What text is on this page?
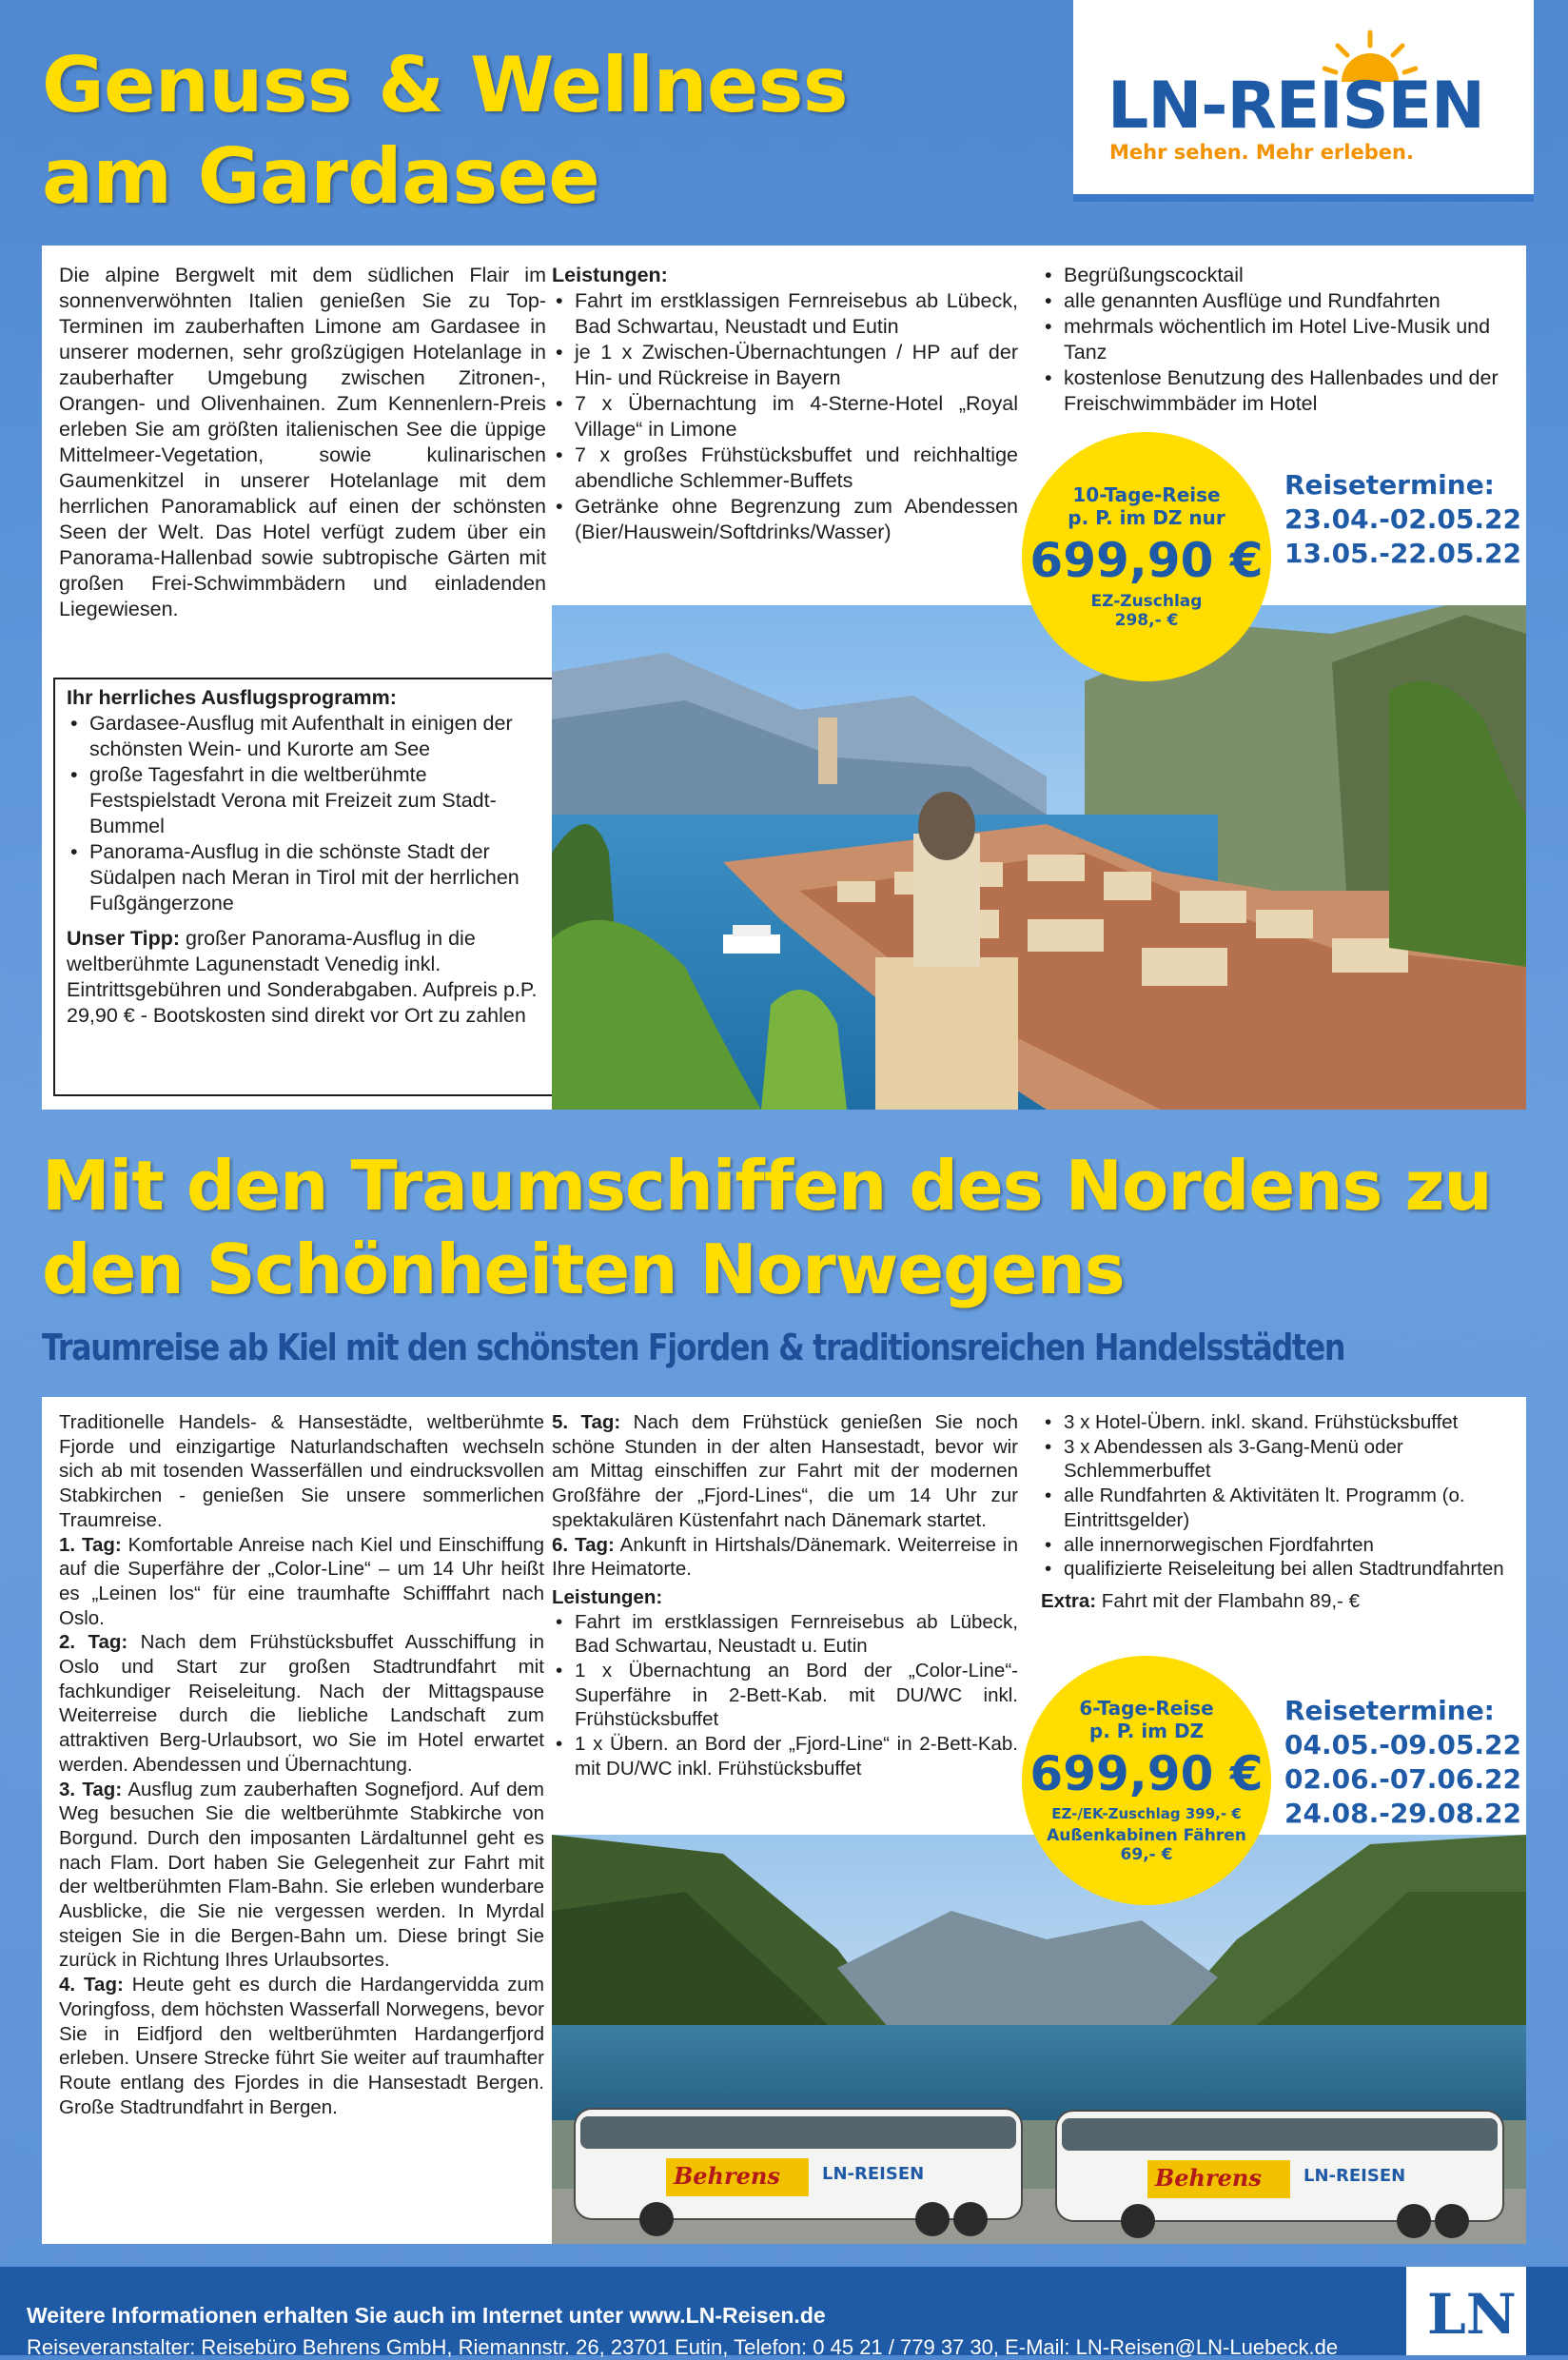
LN-REISEN
Mehr sehen. Mehr erleben.
Genuss & Wellness
am Gardasee

Die alpine Bergwelt mit dem südlichen Flair im sonnenverwöhnten Italien genießen Sie zu Top-Terminen im zauberhaften Limone am Gardasee in unserer modernen, sehr großzügigen Hotelanlage in zauberhafter Umgebung zwischen Zitronen-, Orangen- und Olivenhainen. Zum Kennenlern-Preis erleben Sie am größten italienischen See die üppige Mittelmeer-Vegetation, sowie kulinarischen Gaumenkitzel in unserer Hotelanlage mit dem herrlichen Panoramablick auf einen der schönsten Seen der Welt. Das Hotel verfügt zudem über ein Panorama-Hallenbad sowie subtropische Gärten mit großen Frei-Schwimmbädern und einladenden Liegewiesen.

Ihr herrliches Ausflugsprogramm:

• Gardasee-Ausflug mit Aufenthalt in einigen der schönsten Wein- und Kurorte am See
• große Tagesfahrt in die weltberühmte Festspielstadt Verona mit Freizeit zum Stadt-Bummel
• Panorama-Ausflug in die schönste Stadt der Südalpen nach Meran in Tirol mit der herrlichen Fußgängerzone

Unser Tipp: großer Panorama-Ausflug in die weltberühmte Lagunenstadt Venedig inkl. Eintrittsgebühren und Sonderabgaben. Aufpreis p.P. 29,90 € - Bootskosten sind direkt vor Ort zu zahlen

Leistungen:

• Fahrt im erstklassigen Fernreisebus ab Lübeck, Bad Schwartau, Neustadt und Eutin
• je 1 x Zwischen-Übernachtungen / HP auf der Hin- und Rückreise in Bayern
• 7 x Übernachtung im 4-Sterne-Hotel „Royal Village“ in Limone
• 7 x großes Frühstücksbuffet und reichhaltige abendliche Schlemmer-Buffets
• Getränke ohne Begrenzung zum Abendessen (Bier/Hauswein/Softdrinks/Wasser)
• Begrüßungscocktail
• alle genannten Ausflüge und Rundfahrten
• mehrmals wöchentlich im Hotel Live-Musik und Tanz
• kostenlose Benutzung des Hallenbades und der Freischwimmbäder im Hotel
Reisetermine:
23.04.-02.05.22
13.05.-22.05.22
10-Tage-Reise
p. P. im DZ nur
699,90 €
EZ-Zuschlag
298,- €
Mit den Traumschiffen des Nordens zu
den Schönheiten Norwegens
Traumreise ab Kiel mit den schönsten Fjorden & traditionsreichen Handelsstädten

Traditionelle Handels- & Hansestädte, weltberühmte Fjorde und einzigartige Naturlandschaften wechseln sich ab mit tosenden Wasserfällen und eindrucksvollen Stabkirchen - genießen Sie unsere sommerlichen Traumreise.

1. Tag: Komfortable Anreise nach Kiel und Einschiffung auf die Superfähre der „Color-Line“ – um 14 Uhr heißt es „Leinen los“ für eine traumhafte Schifffahrt nach Oslo.

2. Tag: Nach dem Frühstücksbuffet Ausschiffung in Oslo und Start zur großen Stadtrundfahrt mit fachkundiger Reiseleitung. Nach der Mittagspause Weiterreise durch die liebliche Landschaft zum attraktiven Berg-Urlaubsort, wo Sie im Hotel erwartet werden. Abendessen und Übernachtung.

3. Tag: Ausflug zum zauberhaften Sognefjord. Auf dem Weg besuchen Sie die weltberühmte Stabkirche von Borgund. Durch den imposanten Lärdaltunnel geht es nach Flam. Dort haben Sie Gelegenheit zur Fahrt mit der weltberühmten Flam-Bahn. Sie erleben wunderbare Ausblicke, die Sie nie vergessen werden. In Myrdal steigen Sie in die Bergen-Bahn um. Diese bringt Sie zurück in Richtung Ihres Urlaubsortes.

4. Tag: Heute geht es durch die Hardangervidda zum Voringfoss, dem höchsten Wasserfall Norwegens, bevor Sie in Eidfjord den weltberühmten Hardangerfjord erleben. Unsere Strecke führt Sie weiter auf traumhafter Route entlang des Fjordes in die Hansestadt Bergen. Große Stadtrundfahrt in Bergen.

5. Tag: Nach dem Frühstück genießen Sie noch schöne Stunden in der alten Hansestadt, bevor wir am Mittag einschiffen zur Fahrt mit der modernen Großfähre der „Fjord-Lines“, die um 14 Uhr zur spektakulären Küstenfahrt nach Dänemark startet.

6. Tag: Ankunft in Hirtshals/Dänemark. Weiterreise in Ihre Heimatorte.

Leistungen:

• Fahrt im erstklassigen Fernreisebus ab Lübeck, Bad Schwartau, Neustadt u. Eutin
• 1 x Übernachtung an Bord der „Color-Line“-Superfähre in 2-Bett-Kab. mit DU/WC inkl. Frühstücksbuffet
• 1 x Übern. an Bord der „Fjord-Line“ in 2-Bett-Kab. mit DU/WC inkl. Frühstücksbuffet
• 3 x Hotel-Übern. inkl. skand. Frühstücksbuffet
• 3 x Abendessen als 3-Gang-Menü oder Schlemmerbuffet
• alle Rundfahrten & Aktivitäten lt. Programm (o. Eintrittsgelder)
• alle innernorwegischen Fjordfahrten
• qualifizierte Reiseleitung bei allen Stadtrundfahrten

Extra: Fahrt mit der Flambahn 89,- €

Reisetermine:
04.05.-09.05.22
02.06.-07.06.22
24.08.-29.08.22
Behrens LN-REISEN	Behrens LN-REISEN
6-Tage-Reise
p. P. im DZ
699,90 €
EZ-/EK-Zuschlag 399,- €
Außenkabinen Fähren
69,- €
Weitere Informationen erhalten Sie auch im Internet unter www.LN-Reisen.de
Reiseveranstalter: Reisebüro Behrens GmbH, Riemannstr. 26, 23701 Eutin, Telefon: 0 45 21 / 779 37 30, E-Mail: LN-Reisen@LN-Luebeck.de
LN
